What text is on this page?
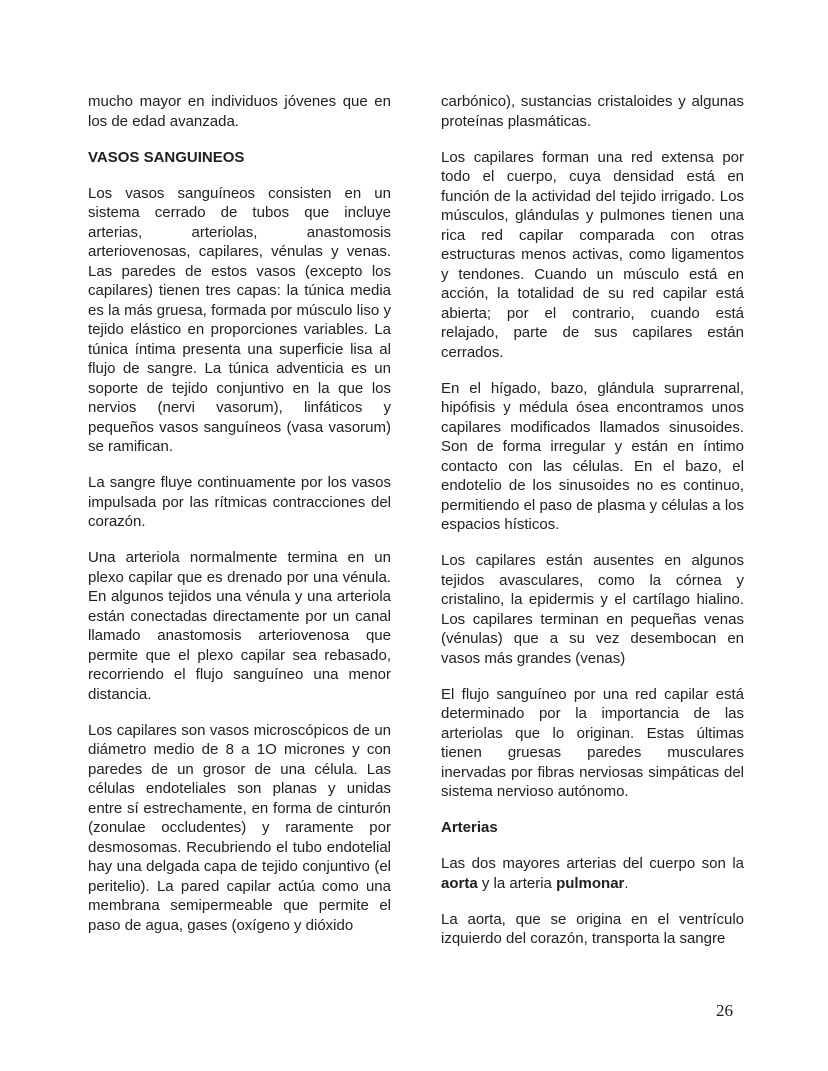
mucho mayor en individuos jóvenes que en los de edad avanzada.

VASOS SANGUINEOS

Los vasos sanguíneos consisten en un sistema cerrado de tubos que incluye arterias, arteriolas, anastomosis arteriovenosas, capilares, vénulas y venas. Las paredes de estos vasos (excepto los capilares) tienen tres capas: la túnica media es la más gruesa, formada por músculo liso y tejido elástico en proporciones variables. La túnica íntima presenta una superficie lisa al flujo de sangre. La túnica adventicia es un soporte de tejido conjuntivo en la que los nervios (nervi vasorum), linfáticos y pequeños vasos sanguíneos (vasa vasorum) se ramifican.

La sangre fluye continuamente por los vasos impulsada por las rítmicas contracciones del corazón.

Una arteriola normalmente termina en un plexo capilar que es drenado por una vénula. En algunos tejidos una vénula y una arteriola están conectadas directamente por un canal llamado anastomosis arteriovenosa que permite que el plexo capilar sea rebasado, recorriendo el flujo sanguíneo una menor distancia.

Los capilares son vasos microscópicos de un diámetro medio de 8 a 1O micrones y con paredes de un grosor de una célula. Las células endoteliales son planas y unidas entre sí estrechamente, en forma de cinturón (zonulae occludentes) y raramente por desmosomas. Recubriendo el tubo endotelial hay una delgada capa de tejido conjuntivo (el peritelio). La pared capilar actúa como una membrana semipermeable que permite el paso de agua, gases (oxígeno y dióxido

carbónico), sustancias cristaloides y algunas proteínas plasmáticas.

Los capilares forman una red extensa por todo el cuerpo, cuya densidad está en función de la actividad del tejido irrigado. Los músculos, glándulas y pulmones tienen una rica red capilar comparada con otras estructuras menos activas, como ligamentos y tendones. Cuando un músculo está en acción, la totalidad de su red capilar está abierta; por el contrario, cuando está relajado, parte de sus capilares están cerrados.

En el hígado, bazo, glándula suprarrenal, hipófisis y médula ósea encontramos unos capilares modificados llamados sinusoides. Son de forma irregular y están en íntimo contacto con las células. En el bazo, el endotelio de los sinusoides no es continuo, permitiendo el paso de plasma y células a los espacios hísticos.

Los capilares están ausentes en algunos tejidos avasculares, como la córnea y cristalino, la epidermis y el cartílago hialino. Los capilares terminan en pequeñas venas (vénulas) que a su vez desembocan en vasos más grandes (venas)

El flujo sanguíneo por una red capilar está determinado por la importancia de las arteriolas que lo originan. Estas últimas tienen gruesas paredes musculares inervadas por fibras nerviosas simpáticas del sistema nervioso autónomo.

Arterias

Las dos mayores arterias del cuerpo son la aorta y la arteria pulmonar.

La aorta, que se origina en el ventrículo izquierdo del corazón, transporta la sangre

26
